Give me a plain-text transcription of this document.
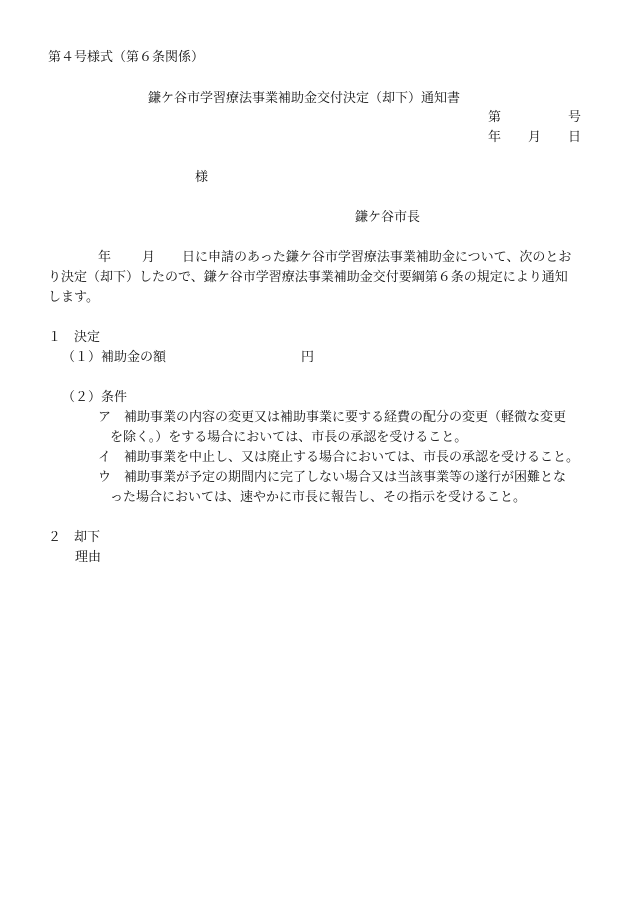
第４号様式（第６条関係）
鎌ケ谷市学習療法事業補助金交付決定（却下）通知書
第	号
年 月 日
様
鎌ケ谷市長
年 月 日に申請のあった鎌ケ谷市学習療法事業補助金について、次のとお
り決定（却下）したので、鎌ケ谷市学習療法事業補助金交付要綱第６条の規定により通知
します。
１　決定
（１）補助金の額	円
（２）条件
ア　補助事業の内容の変更又は補助事業に要する経費の配分の変更（軽微な変更
を除く。）をする場合においては、市長の承認を受けること。
イ　補助事業を中止し、又は廃止する場合においては、市長の承認を受けること。
ウ　補助事業が予定の期間内に完了しない場合又は当該事業等の遂行が困難とな
った場合においては、速やかに市長に報告し、その指示を受けること。
２　却下
理由
